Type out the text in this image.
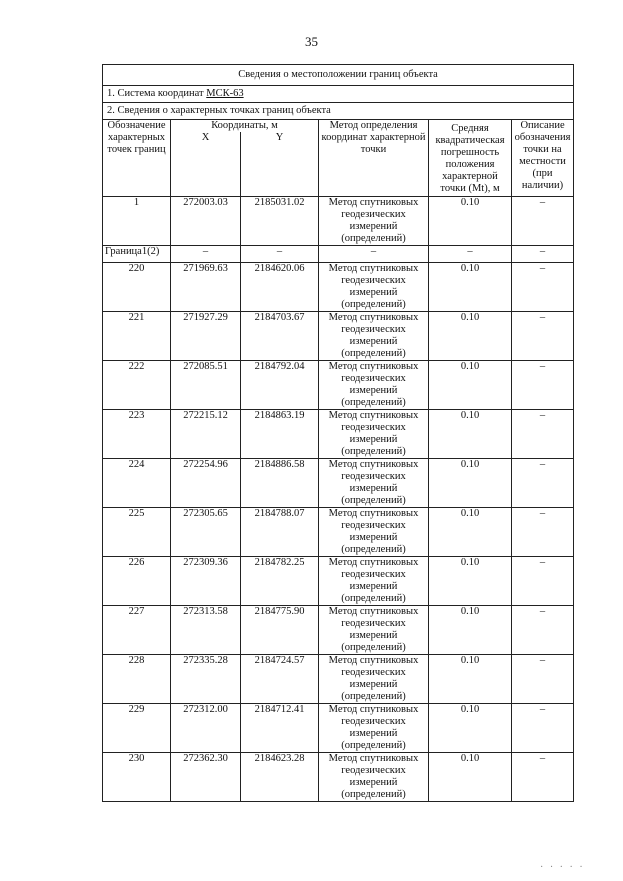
35
Сведения о местоположении границ объекта					
1. Система координат МСК-63					
2. Сведения о характерных точках границ объекта					
Обозначение характерных точек границ	Координаты, м		Метод определения координат характерной точки	Средняя квадратическая погрешность положения характерной точки (Mt), м	Описание обозначения точки на местности (при наличии)
	X	Y			
1	272003.03	2185031.02	Метод спутниковых геодезических измерений (определений)	0.10	–
Граница1(2)	–	–	–	–	–
220	271969.63	2184620.06	Метод спутниковых геодезических измерений (определений)	0.10	–
221	271927.29	2184703.67	Метод спутниковых геодезических измерений (определений)	0.10	–
222	272085.51	2184792.04	Метод спутниковых геодезических измерений (определений)	0.10	–
223	272215.12	2184863.19	Метод спутниковых геодезических измерений (определений)	0.10	–
224	272254.96	2184886.58	Метод спутниковых геодезических измерений (определений)	0.10	–
225	272305.65	2184788.07	Метод спутниковых геодезических измерений (определений)	0.10	–
226	272309.36	2184782.25	Метод спутниковых геодезических измерений (определений)	0.10	–
227	272313.58	2184775.90	Метод спутниковых геодезических измерений (определений)	0.10	–
228	272335.28	2184724.57	Метод спутниковых геодезических измерений (определений)	0.10	–
229	272312.00	2184712.41	Метод спутниковых геодезических измерений (определений)	0.10	–
230	272362.30	2184623.28	Метод спутниковых геодезических измерений (определений)	0.10	–
· · · · ·
